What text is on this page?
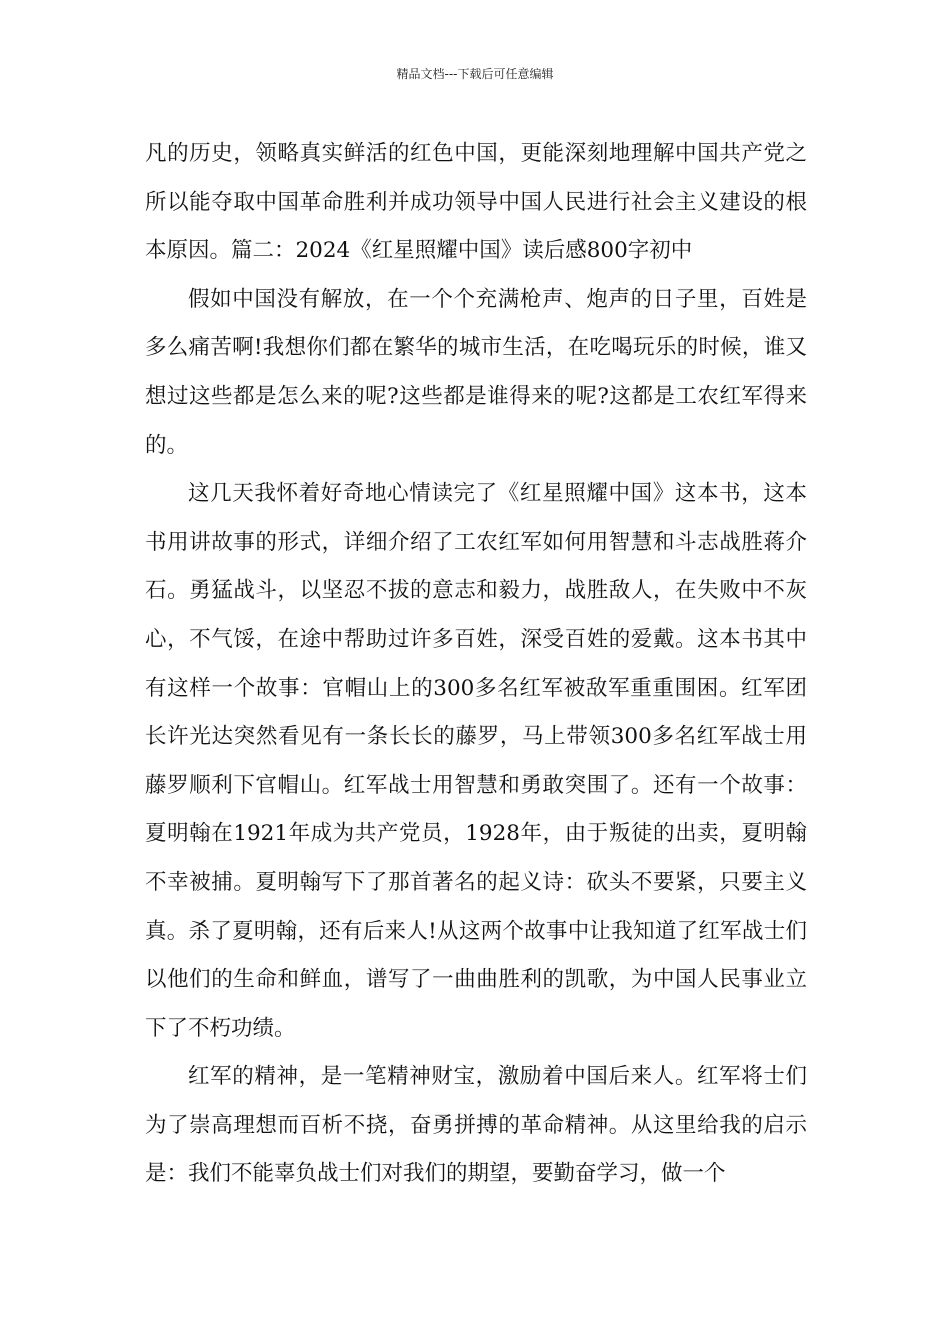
精品文档---下载后可任意编辑

凡的历史，领略真实鲜活的红色中国，更能深刻地理解中国共产党之所以能夺取中国革命胜利并成功领导中国人民进行社会主义建设的根本原因。篇二：2024《红星照耀中国》读后感800字初中

假如中国没有解放，在一个个充满枪声、炮声的日子里，百姓是多么痛苦啊!我想你们都在繁华的城市生活，在吃喝玩乐的时候，谁又想过这些都是怎么来的呢?这些都是谁得来的呢?这都是工农红军得来的。

这几天我怀着好奇地心情读完了《红星照耀中国》这本书，这本书用讲故事的形式，详细介绍了工农红军如何用智慧和斗志战胜蒋介石。勇猛战斗，以坚忍不拔的意志和毅力，战胜敌人，在失败中不灰心，不气馁，在途中帮助过许多百姓，深受百姓的爱戴。这本书其中有这样一个故事：官帽山上的300多名红军被敌军重重围困。红军团长许光达突然看见有一条长长的藤罗，马上带领300多名红军战士用藤罗顺利下官帽山。红军战士用智慧和勇敢突围了。还有一个故事：夏明翰在1921年成为共产党员，1928年，由于叛徒的出卖，夏明翰不幸被捕。夏明翰写下了那首著名的起义诗：砍头不要紧，只要主义真。杀了夏明翰，还有后来人!从这两个故事中让我知道了红军战士们以他们的生命和鲜血，谱写了一曲曲胜利的凯歌，为中国人民事业立下了不朽功绩。

红军的精神，是一笔精神财宝，激励着中国后来人。红军将士们为了崇高理想而百析不挠，奋勇拼搏的革命精神。从这里给我的启示是：我们不能辜负战士们对我们的期望，要勤奋学习，做一个
